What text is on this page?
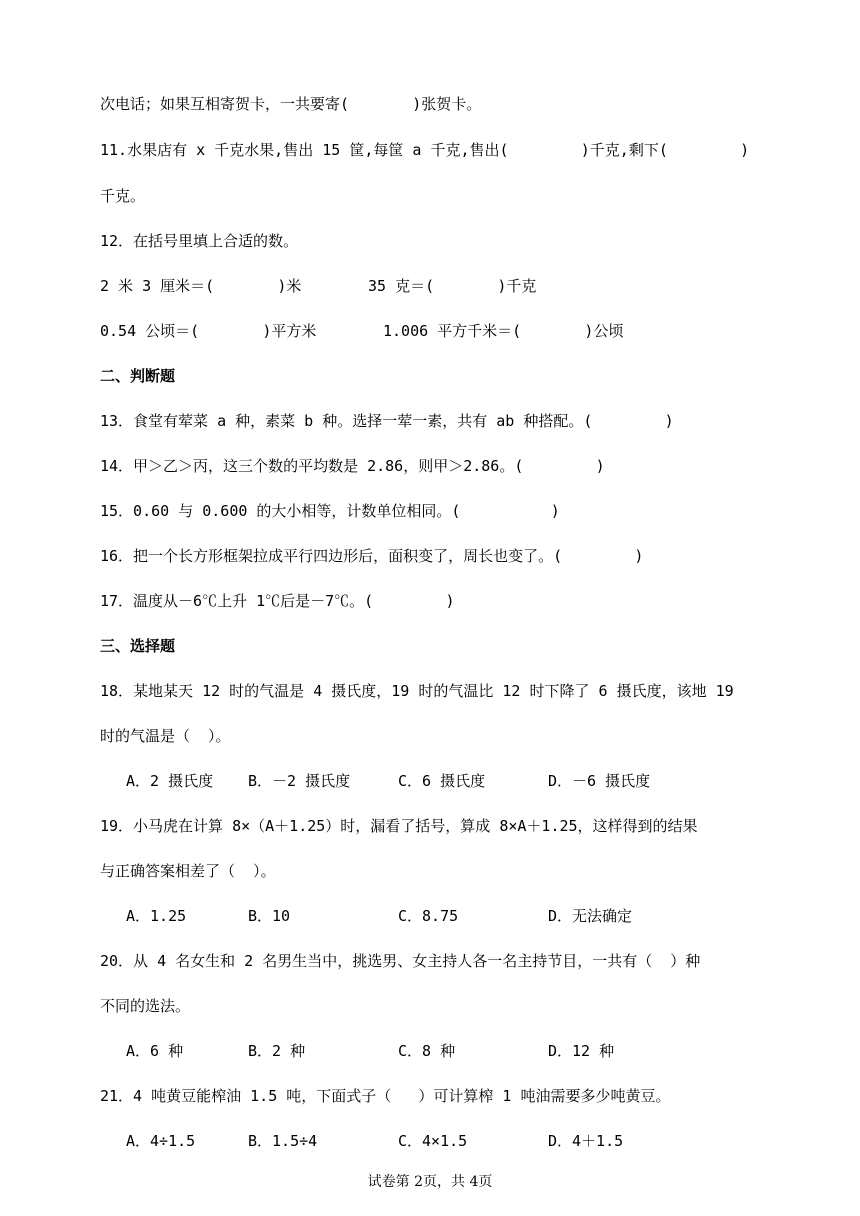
次电话；如果互相寄贺卡，一共要寄(       )张贺卡。
11.水果店有 x 千克水果,售出 15 筐,每筐 a 千克,售出(        )千克,剩下(        )
千克。
12．在括号里填上合适的数。
2 米 3 厘米＝(       )米	35 克＝(       )千克
0.54 公顷＝(       )平方米	1.006 平方千米＝(       )公顷
二、判断题
13．食堂有荤菜 a 种，素菜 b 种。选择一荤一素，共有 ab 种搭配。(        )
14．甲＞乙＞丙，这三个数的平均数是 2.86，则甲＞2.86。(        )
15．0.60 与 0.600 的大小相等，计数单位相同。(          )
16．把一个长方形框架拉成平行四边形后，面积变了，周长也变了。(        )
17．温度从－6℃上升 1℃后是－7℃。(        )
三、选择题
18．某地某天 12 时的气温是 4 摄氏度，19 时的气温比 12 时下降了 6 摄氏度，该地 19
时的气温是（  ）。
A．2 摄氏度 B．－2 摄氏度	C．6 摄氏度	D．－6 摄氏度
19．小马虎在计算 8×（A＋1.25）时，漏看了括号，算成 8×A＋1.25，这样得到的结果
与正确答案相差了（  ）。
A．1.25	B．10	C．8.75	D．无法确定
20．从 4 名女生和 2 名男生当中，挑选男、女主持人各一名主持节目，一共有（  ）种
不同的选法。
A．6 种	B．2 种	C．8 种	D．12 种
21．4 吨黄豆能榨油 1.5 吨，下面式子（   ）可计算榨 1 吨油需要多少吨黄豆。
A．4÷1.5	B．1.5÷4	C．4×1.5	D．4＋1.5
试卷第 2页，共 4页
